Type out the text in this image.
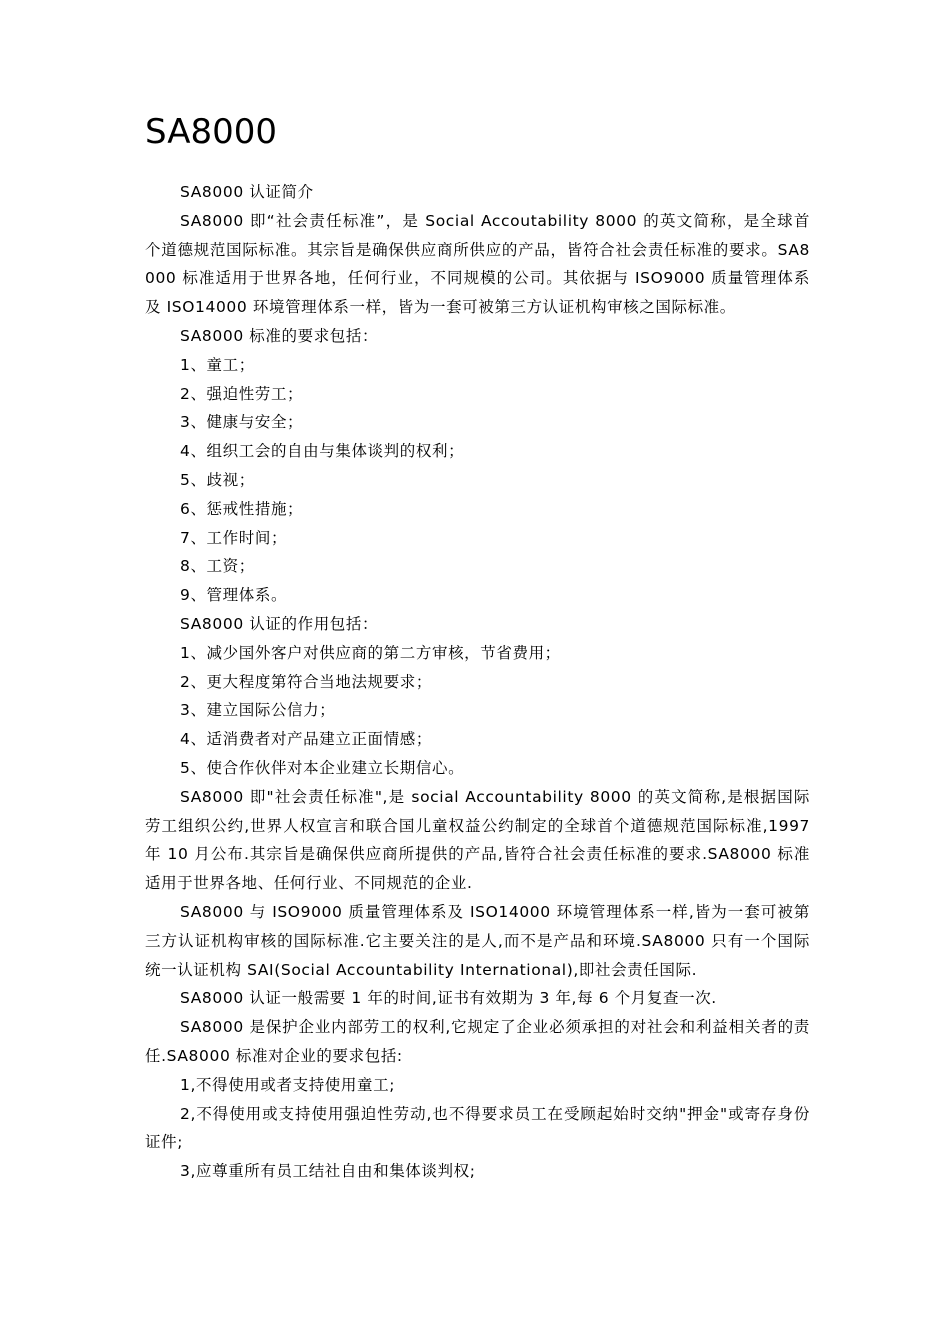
SA8000

SA8000 认证简介

SA8000 即“社会责任标准”，是 Social Accoutability 8000 的英文简称，是全球首个道德规范国际标准。其宗旨是确保供应商所供应的产品，皆符合社会责任标准的要求。SA8000 标准适用于世界各地，任何行业，不同规模的公司。其依据与 ISO9000 质量管理体系及 ISO14000 环境管理体系一样，皆为一套可被第三方认证机构审核之国际标准。

SA8000 标准的要求包括：

1、童工；

2、强迫性劳工；

3、健康与安全；

4、组织工会的自由与集体谈判的权利；

5、歧视；

6、惩戒性措施；

7、工作时间；

8、工资；

9、管理体系。

SA8000 认证的作用包括：

1、减少国外客户对供应商的第二方审核，节省费用；

2、更大程度第符合当地法规要求；

3、建立国际公信力；

4、适消费者对产品建立正面情感；

5、使合作伙伴对本企业建立长期信心。

SA8000 即"社会责任标准",是 social Accountability 8000 的英文简称,是根据国际劳工组织公约,世界人权宣言和联合国儿童权益公约制定的全球首个道德规范国际标准,1997 年 10 月公布.其宗旨是确保供应商所提供的产品,皆符合社会责任标准的要求.SA8000 标准适用于世界各地、任何行业、不同规范的企业.

SA8000 与 ISO9000 质量管理体系及 ISO14000 环境管理体系一样,皆为一套可被第三方认证机构审核的国际标准.它主要关注的是人,而不是产品和环境.SA8000 只有一个国际统一认证机构 SAI(Social Accountability International),即社会责任国际.

SA8000 认证一般需要 1 年的时间,证书有效期为 3 年,每 6 个月复查一次.

SA8000 是保护企业内部劳工的权利,它规定了企业必须承担的对社会和利益相关者的责任.SA8000 标准对企业的要求包括:

1,不得使用或者支持使用童工;

2,不得使用或支持使用强迫性劳动,也不得要求员工在受顾起始时交纳"押金"或寄存身份证件;

3,应尊重所有员工结社自由和集体谈判权;
